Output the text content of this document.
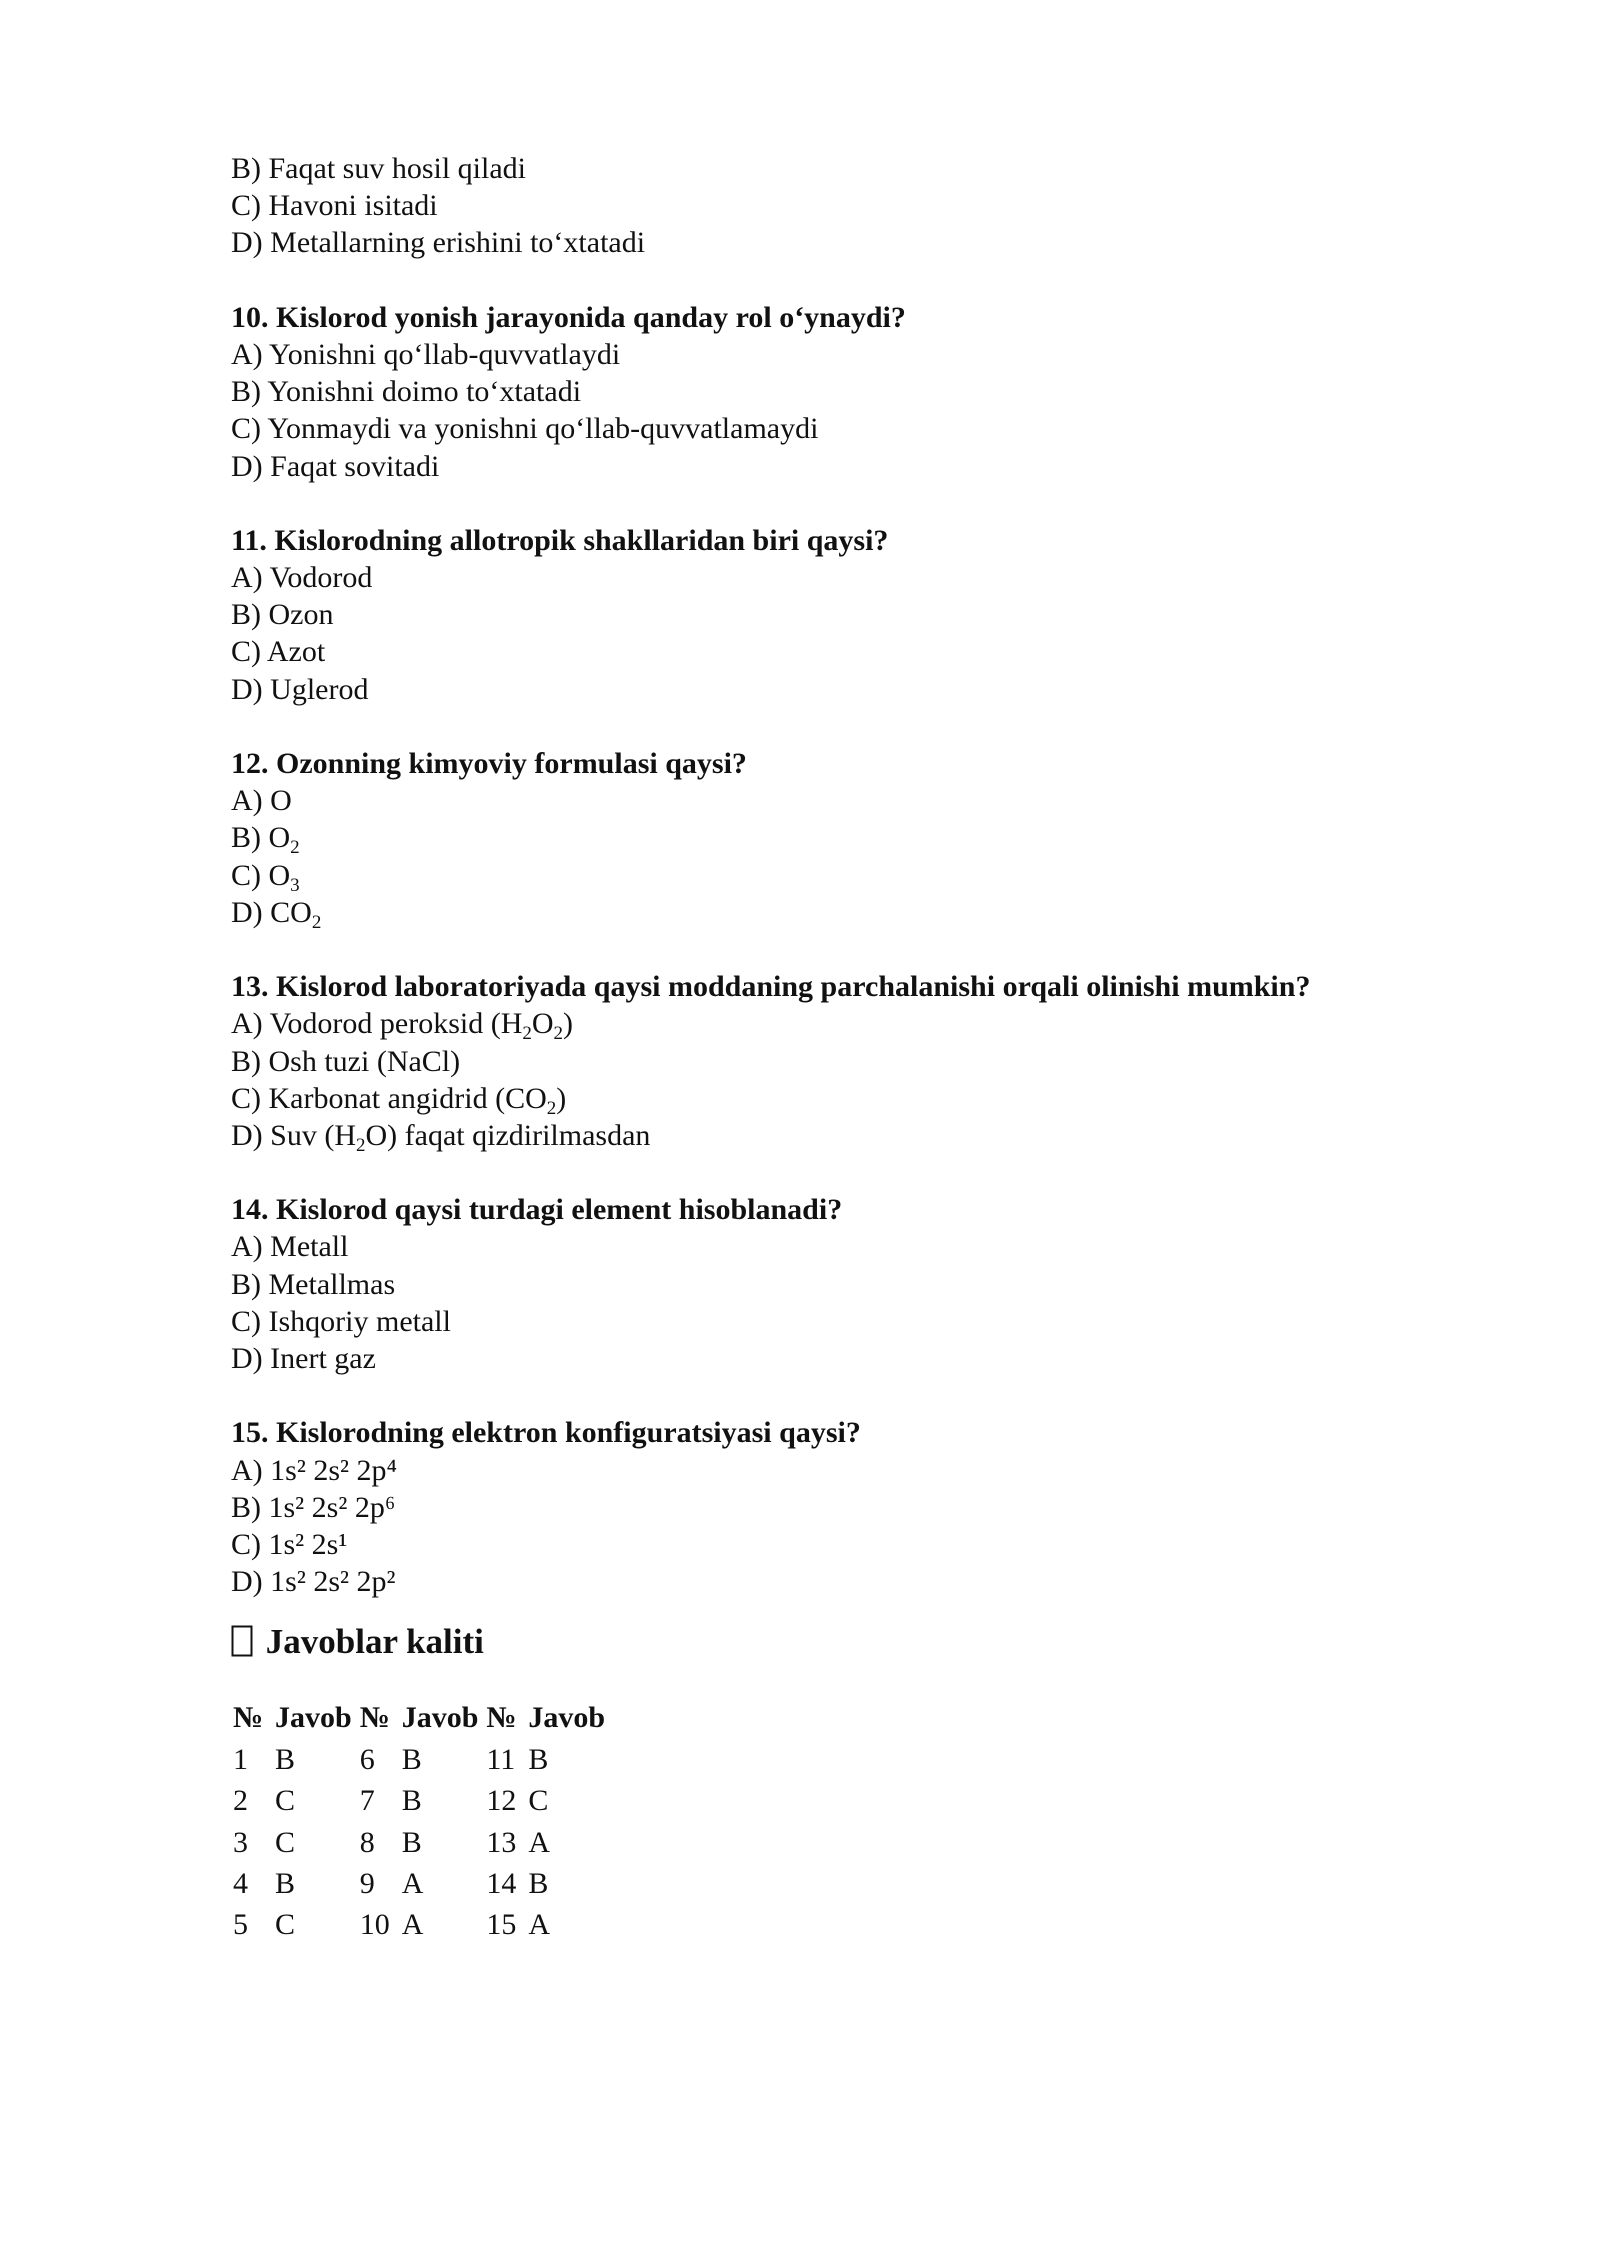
B) Faqat suv hosil qiladi
C) Havoni isitadi
D) Metallarning erishini to‘xtatadi
10. Kislorod yonish jarayonida qanday rol o‘ynaydi?
A) Yonishni qo‘llab-quvvatlaydi
B) Yonishni doimo to‘xtatadi
C) Yonmaydi va yonishni qo‘llab-quvvatlamaydi
D) Faqat sovitadi
11. Kislorodning allotropik shakllaridan biri qaysi?
A) Vodorod
B) Ozon
C) Azot
D) Uglerod
12. Ozonning kimyoviy formulasi qaysi?
A) O
B) $O_2$
C) $O_3$
D) $CO_2$
13. Kislorod laboratoriyada qaysi moddaning parchalanishi orqali olinishi mumkin?
A) Vodorod peroksid $(H_2O_2)$
B) Osh tuzi (NaCl)
C) Karbonat angidrid $(CO_2)$
D) Suv $(H_2O)$ faqat qizdirilmasdan
14. Kislorod qaysi turdagi element hisoblanadi?
A) Metall
B) Metallmas
C) Ishqoriy metall
D) Inert gaz
15. Kislorodning elektron konfiguratsiyasi qaysi?
A) 1s² 2s² 2p⁴
B) 1s² 2s² 2p⁶
C) 1s² 2s¹
D) 1s² 2s² 2p²
Javoblar kaliti
№	Javob	№	Javob	№	Javob
1	B	6	B	11	B
2	C	7	B	12	C
3	C	8	B	13	A
4	B	9	A	14	B
5	C	10	A	15	A
